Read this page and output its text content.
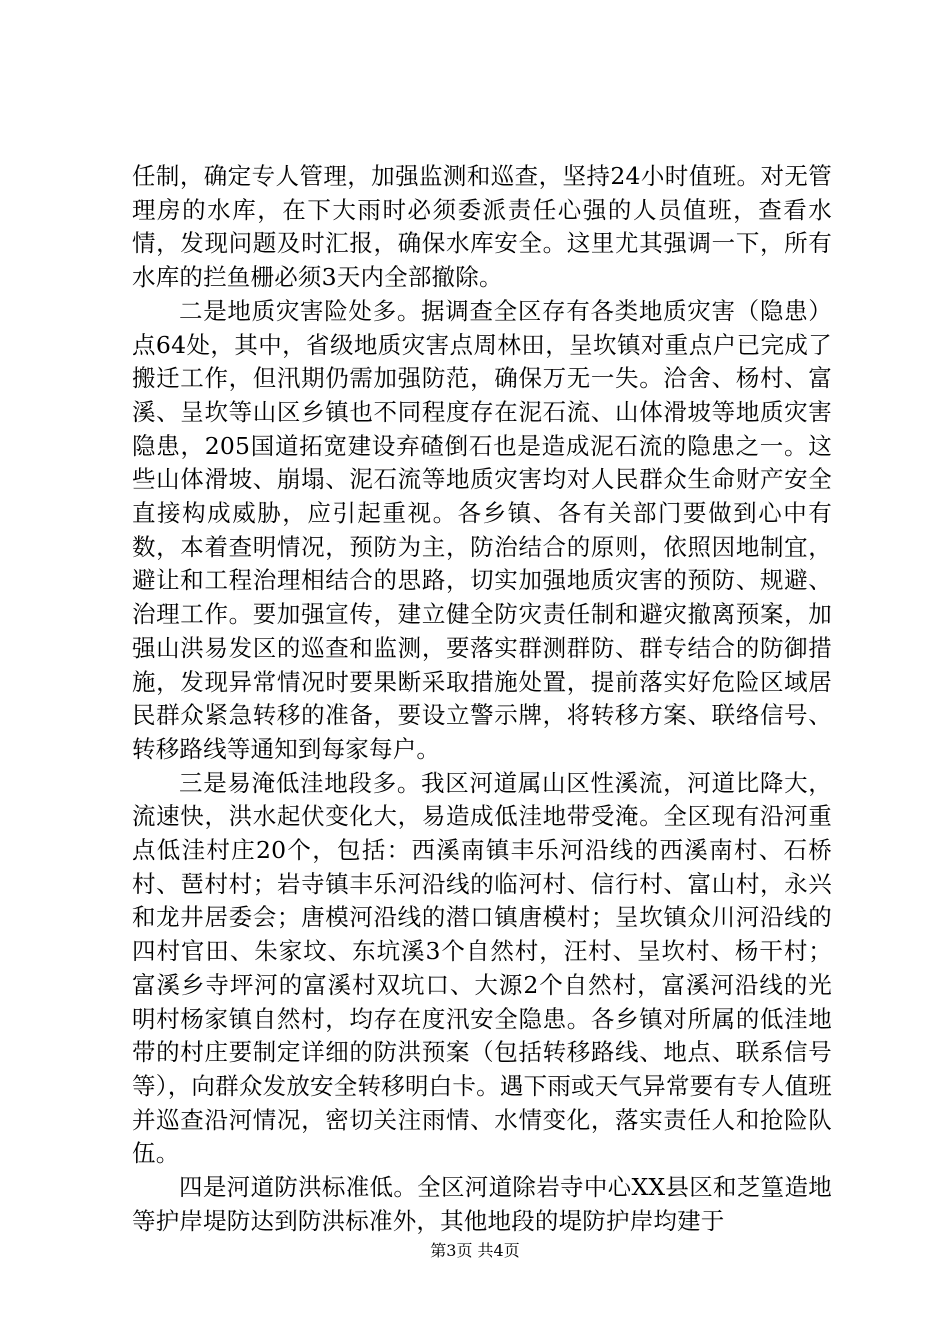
任制，确定专人管理，加强监测和巡查，坚持24小时值班。对无管理房的水库，在下大雨时必须委派责任心强的人员值班，查看水情，发现问题及时汇报，确保水库安全。这里尤其强调一下，所有水库的拦鱼栅必须3天内全部撤除。

二是地质灾害险处多。据调查全区存有各类地质灾害（隐患）点64处，其中，省级地质灾害点周林田，呈坎镇对重点户已完成了搬迁工作，但汛期仍需加强防范，确保万无一失。洽舍、杨村、富溪、呈坎等山区乡镇也不同程度存在泥石流、山体滑坡等地质灾害隐患，205国道拓宽建设弃碴倒石也是造成泥石流的隐患之一。这些山体滑坡、崩塌、泥石流等地质灾害均对人民群众生命财产安全直接构成威胁，应引起重视。各乡镇、各有关部门要做到心中有数，本着查明情况，预防为主，防治结合的原则，依照因地制宜，避让和工程治理相结合的思路，切实加强地质灾害的预防、规避、治理工作。要加强宣传，建立健全防灾责任制和避灾撤离预案，加强山洪易发区的巡查和监测，要落实群测群防、群专结合的防御措施，发现异常情况时要果断采取措施处置，提前落实好危险区域居民群众紧急转移的准备，要设立警示牌，将转移方案、联络信号、转移路线等通知到每家每户。

三是易淹低洼地段多。我区河道属山区性溪流，河道比降大，流速快，洪水起伏变化大，易造成低洼地带受淹。全区现有沿河重点低洼村庄20个，包括：西溪南镇丰乐河沿线的西溪南村、石桥村、琶村村；岩寺镇丰乐河沿线的临河村、信行村、富山村，永兴和龙井居委会；唐模河沿线的潜口镇唐模村；呈坎镇众川河沿线的四村官田、朱家坟、东坑溪3个自然村，汪村、呈坎村、杨干村；富溪乡寺坪河的富溪村双坑口、大源2个自然村，富溪河沿线的光明村杨家镇自然村，均存在度汛安全隐患。各乡镇对所属的低洼地带的村庄要制定详细的防洪预案（包括转移路线、地点、联系信号等），向群众发放安全转移明白卡。遇下雨或天气异常要有专人值班并巡查沿河情况，密切关注雨情、水情变化，落实责任人和抢险队伍。

四是河道防洪标准低。全区河道除岩寺中心XX县区和芝篁造地等护岸堤防达到防洪标准外，其他地段的堤防护岸均建于

第3页 共4页
